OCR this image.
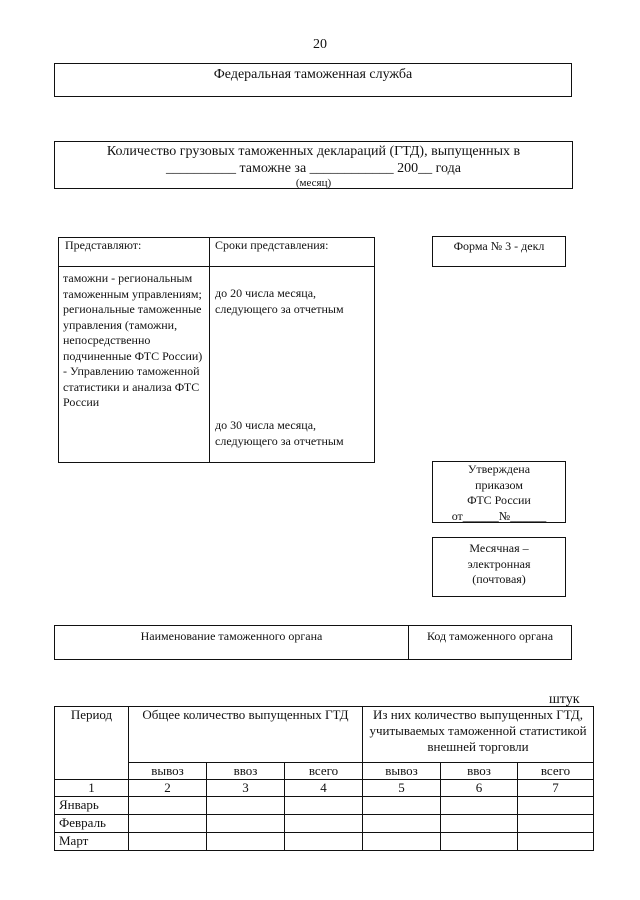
20
Федеральная таможенная служба
Количество грузовых таможенных деклараций (ГТД), выпущенных в
__________ таможне за ____________ 200__ года
(месяц)
Представляют:	Сроки представления:
таможни - региональным таможенным управлениям; региональные таможенные управления (таможни, непосредственно подчиненные ФТС России) - Управлению таможенной статистики и анализа ФТС России
до 20 числа месяца, следующего за отчетным
до 30 числа месяца, следующего за отчетным
Форма № 3 - декл
Утверждена
приказом
ФТС России
от______№______
Месячная –
электронная
(почтовая)
Наименование таможенного органа	Код таможенного органа
штук
Период	Общее количество выпущенных ГТД			Из них количество выпущенных ГТД, учитываемых таможенной статистикой внешней торговли		
	вывоз	ввоз	всего	вывоз	ввоз	всего
1	2	3	4	5	6	7
Январь						
Февраль						
Март						
